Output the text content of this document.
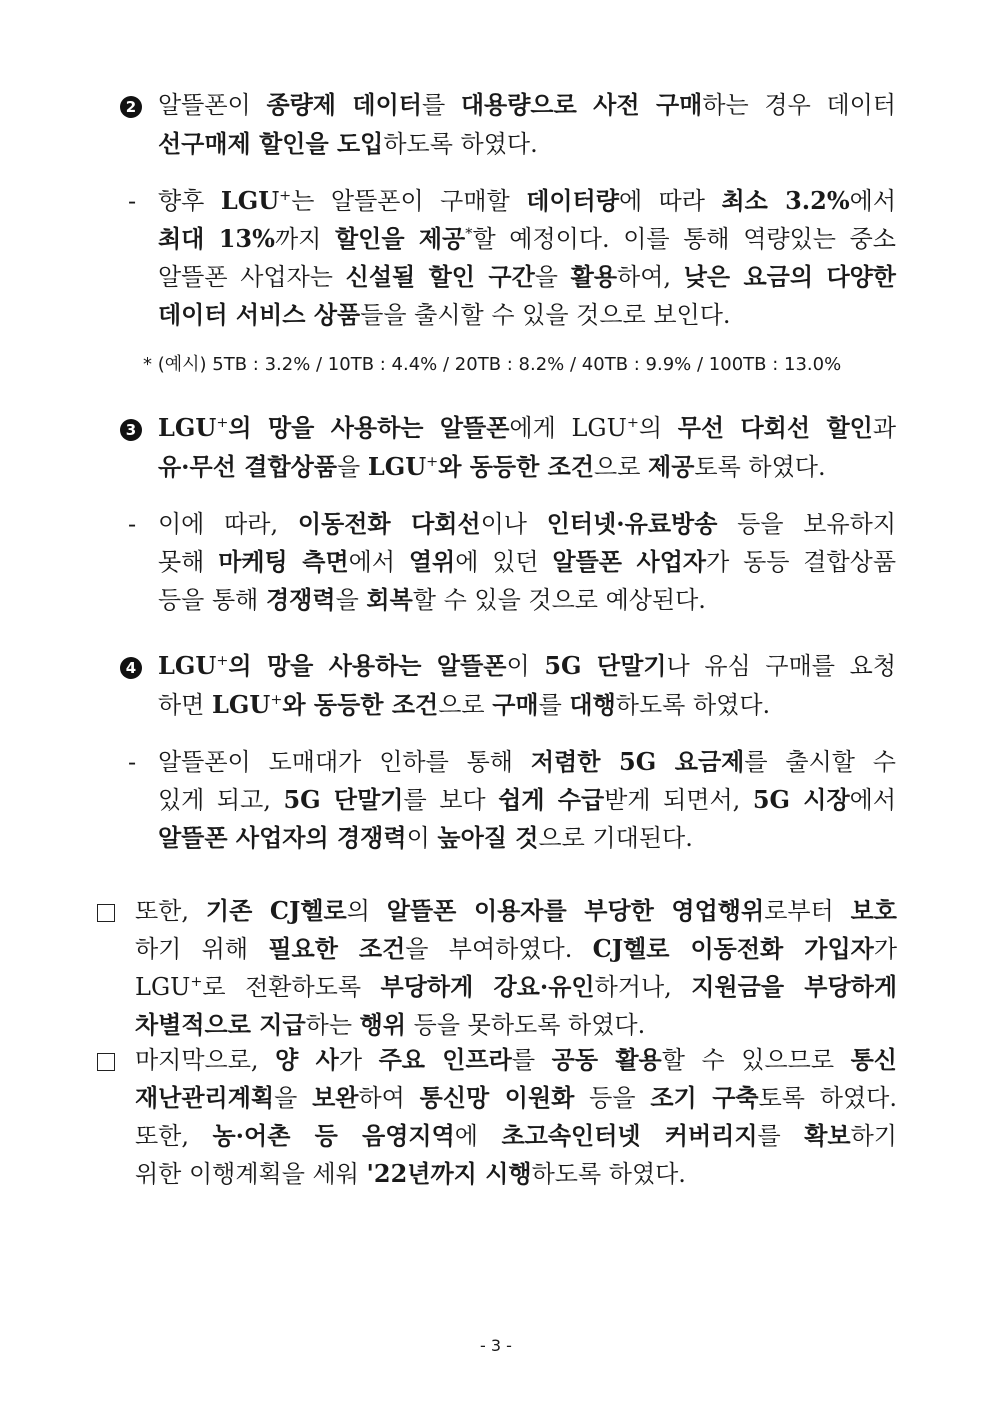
2 알뜰폰이 종량제 데이터를 대용량으로 사전 구매하는 경우 데이터
선구매제 할인을 도입하도록 하였다.
- 향후 LGU+는 알뜰폰이 구매할 데이터량에 따라 최소 3.2%에서
최대 13%까지 할인을 제공*할 예정이다. 이를 통해 역량있는 중소
알뜰폰 사업자는 신설될 할인 구간을 활용하여, 낮은 요금의 다양한
데이터 서비스 상품들을 출시할 수 있을 것으로 보인다.
* (예시) 5TB : 3.2% / 10TB : 4.4% / 20TB : 8.2% / 40TB : 9.9% / 100TB : 13.0%
3 LGU+의 망을 사용하는 알뜰폰에게 LGU+의 무선 다회선 할인과
유·무선 결합상품을 LGU+와 동등한 조건으로 제공토록 하였다.
- 이에 따라, 이동전화 다회선이나 인터넷·유료방송 등을 보유하지
못해 마케팅 측면에서 열위에 있던 알뜰폰 사업자가 동등 결합상품
등을 통해 경쟁력을 회복할 수 있을 것으로 예상된다.
4 LGU+의 망을 사용하는 알뜰폰이 5G 단말기나 유심 구매를 요청
하면 LGU+와 동등한 조건으로 구매를 대행하도록 하였다.
- 알뜰폰이 도매대가 인하를 통해 저렴한 5G 요금제를 출시할 수
있게 되고, 5G 단말기를 보다 쉽게 수급받게 되면서, 5G 시장에서
알뜰폰 사업자의 경쟁력이 높아질 것으로 기대된다.
또한, 기존 CJ헬로의 알뜰폰 이용자를 부당한 영업행위로부터 보호
하기 위해 필요한 조건을 부여하였다. CJ헬로 이동전화 가입자가
LGU+로 전환하도록 부당하게 강요·유인하거나, 지원금을 부당하게
차별적으로 지급하는 행위 등을 못하도록 하였다.
마지막으로, 양 사가 주요 인프라를 공동 활용할 수 있으므로 통신
재난관리계획을 보완하여 통신망 이원화 등을 조기 구축토록 하였다.
또한, 농·어촌 등 음영지역에 초고속인터넷 커버리지를 확보하기
위한 이행계획을 세워 '22년까지 시행하도록 하였다.
- 3 -
